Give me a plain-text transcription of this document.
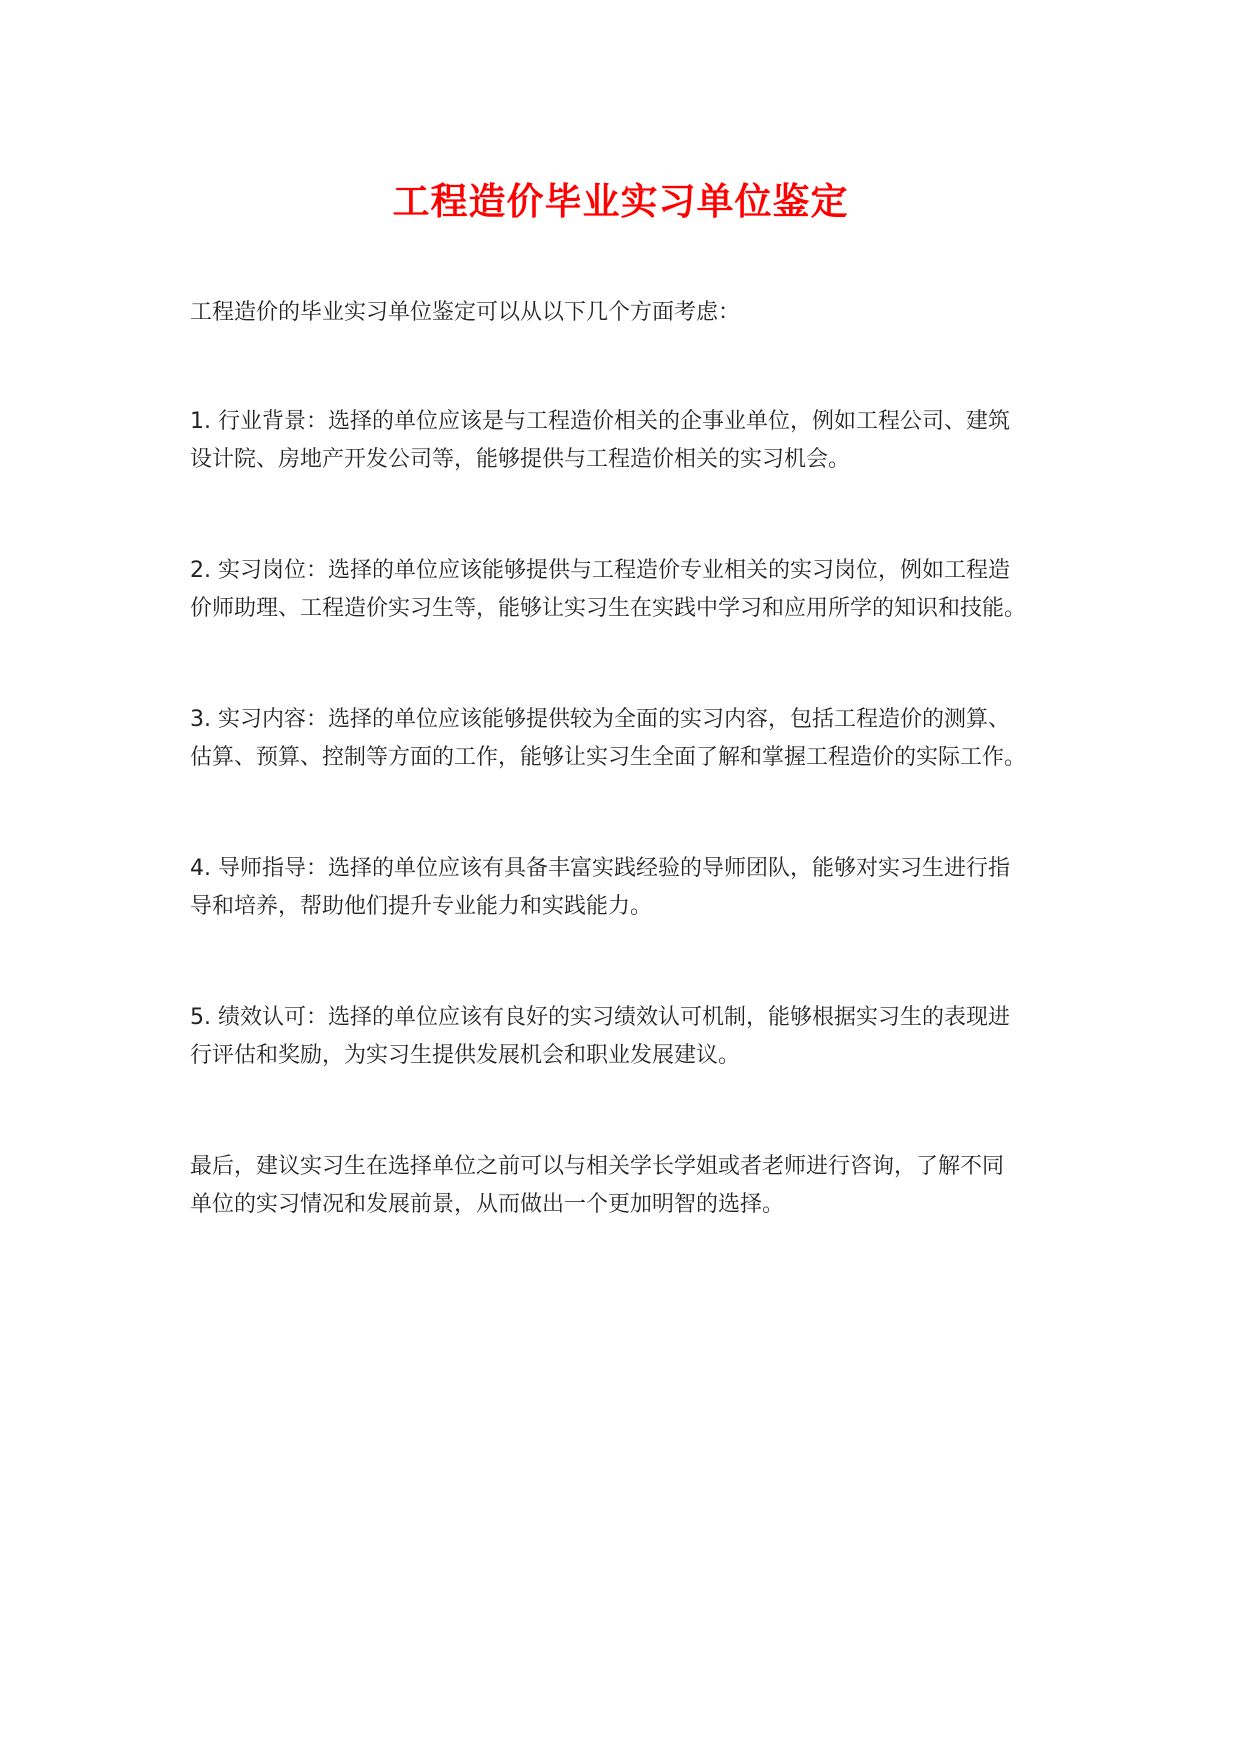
工程造价毕业实习单位鉴定

工程造价的毕业实习单位鉴定可以从以下几个方面考虑：

1. 行业背景：选择的单位应该是与工程造价相关的企事业单位，例如工程公司、建筑
设计院、房地产开发公司等，能够提供与工程造价相关的实习机会。

2. 实习岗位：选择的单位应该能够提供与工程造价专业相关的实习岗位，例如工程造
价师助理、工程造价实习生等，能够让实习生在实践中学习和应用所学的知识和技能。

3. 实习内容：选择的单位应该能够提供较为全面的实习内容，包括工程造价的测算、
估算、预算、控制等方面的工作，能够让实习生全面了解和掌握工程造价的实际工作。

4. 导师指导：选择的单位应该有具备丰富实践经验的导师团队，能够对实习生进行指
导和培养，帮助他们提升专业能力和实践能力。

5. 绩效认可：选择的单位应该有良好的实习绩效认可机制，能够根据实习生的表现进
行评估和奖励，为实习生提供发展机会和职业发展建议。

最后，建议实习生在选择单位之前可以与相关学长学姐或者老师进行咨询，了解不同
单位的实习情况和发展前景，从而做出一个更加明智的选择。
